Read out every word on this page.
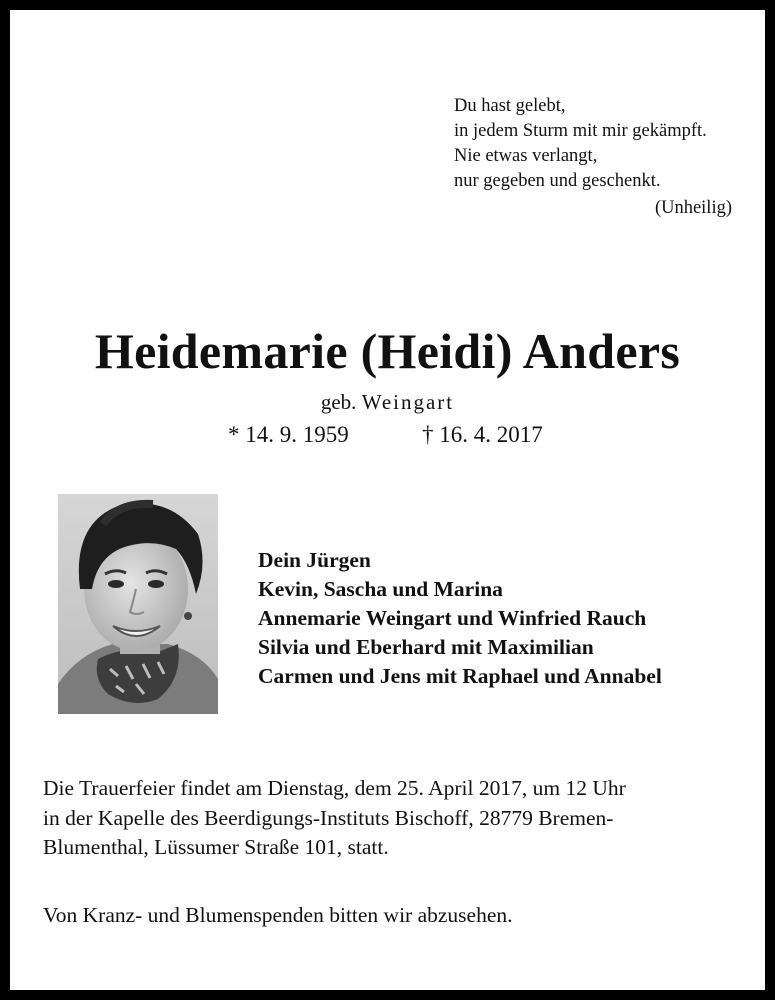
Du hast gelebt,
in jedem Sturm mit mir gekämpft.
Nie etwas verlangt,
nur gegeben und geschenkt.
(Unheilig)
Heidemarie (Heidi) Anders
geb. Weingart
* 14. 9. 1959	† 16. 4. 2017
Dein Jürgen
Kevin, Sascha und Marina
Annemarie Weingart und Winfried Rauch
Silvia und Eberhard mit Maximilian
Carmen und Jens mit Raphael und Annabel
Die Trauerfeier findet am Dienstag, dem 25. April 2017, um 12 Uhr
in der Kapelle des Beerdigungs-Instituts Bischoff, 28779 Bremen-
Blumenthal, Lüssumer Straße 101, statt.
Von Kranz- und Blumenspenden bitten wir abzusehen.
